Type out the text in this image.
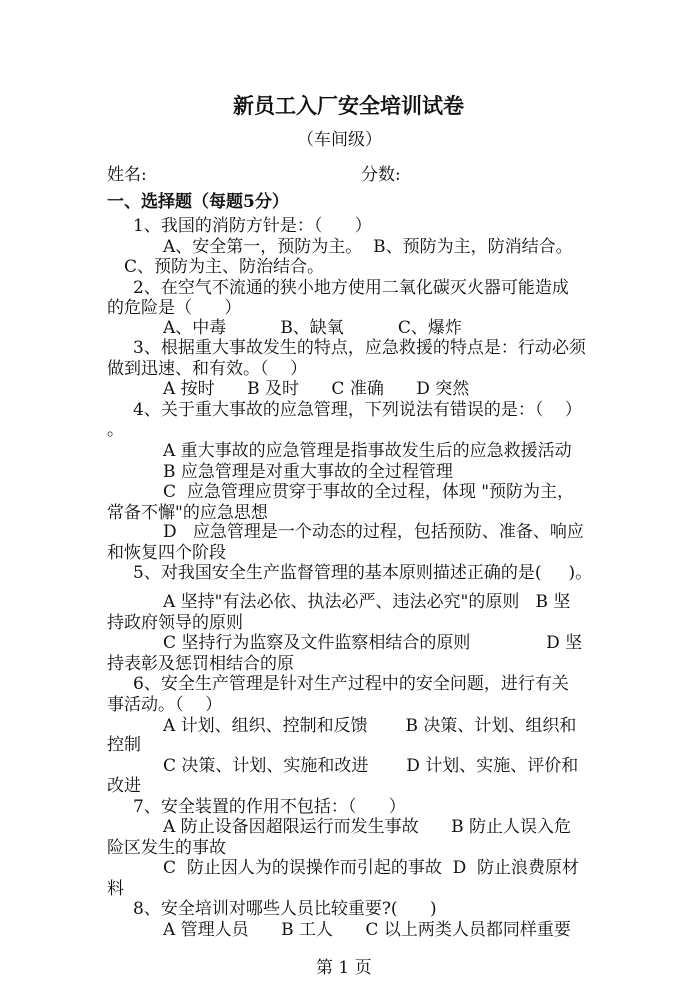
新员工入厂安全培训试卷
（车间级）
姓名:	分数:
一、选择题（每题5分）
1、我国的消防方针是：（      ）
A、安全第一，预防为主。  B、预防为主，防消结合。
C、预防为主、防治结合。
2、在空气不流通的狭小地方使用二氧化碳灭火器可能造成
的危险是（      ）
A、中毒          B、缺氧          C、爆炸
3、根据重大事故发生的特点，应急救援的特点是：行动必须
做到迅速、和有效。（    ）
A 按时      B 及时      C 准确      D 突然
4、关于重大事故的应急管理，下列说法有错误的是：（    ）
。
A 重大事故的应急管理是指事故发生后的应急救援活动
B 应急管理是对重大事故的全过程管理
C  应急管理应贯穿于事故的全过程，体现 "预防为主，
常备不懈"的应急思想
D   应急管理是一个动态的过程，包括预防、准备、响应
和恢复四个阶段
5、对我国安全生产监督管理的基本原则描述正确的是(     )。
A 坚持"有法必依、执法必严、违法必究"的原则   B 坚
持政府领导的原则
C 坚持行为监察及文件监察相结合的原则              D 坚
持表彰及惩罚相结合的原
6、安全生产管理是针对生产过程中的安全问题，进行有关
事活动。（    ）
A 计划、组织、控制和反馈       B 决策、计划、组织和
控制
C 决策、计划、实施和改进       D 计划、实施、评价和
改进
7、安全装置的作用不包括：（      ）
A 防止设备因超限运行而发生事故      B 防止人误入危
险区发生的事故
C  防止因人为的误操作而引起的事故  D  防止浪费原材
料
8、安全培训对哪些人员比较重要?(      )
A 管理人员      B 工人      C 以上两类人员都同样重要
第 1 页
